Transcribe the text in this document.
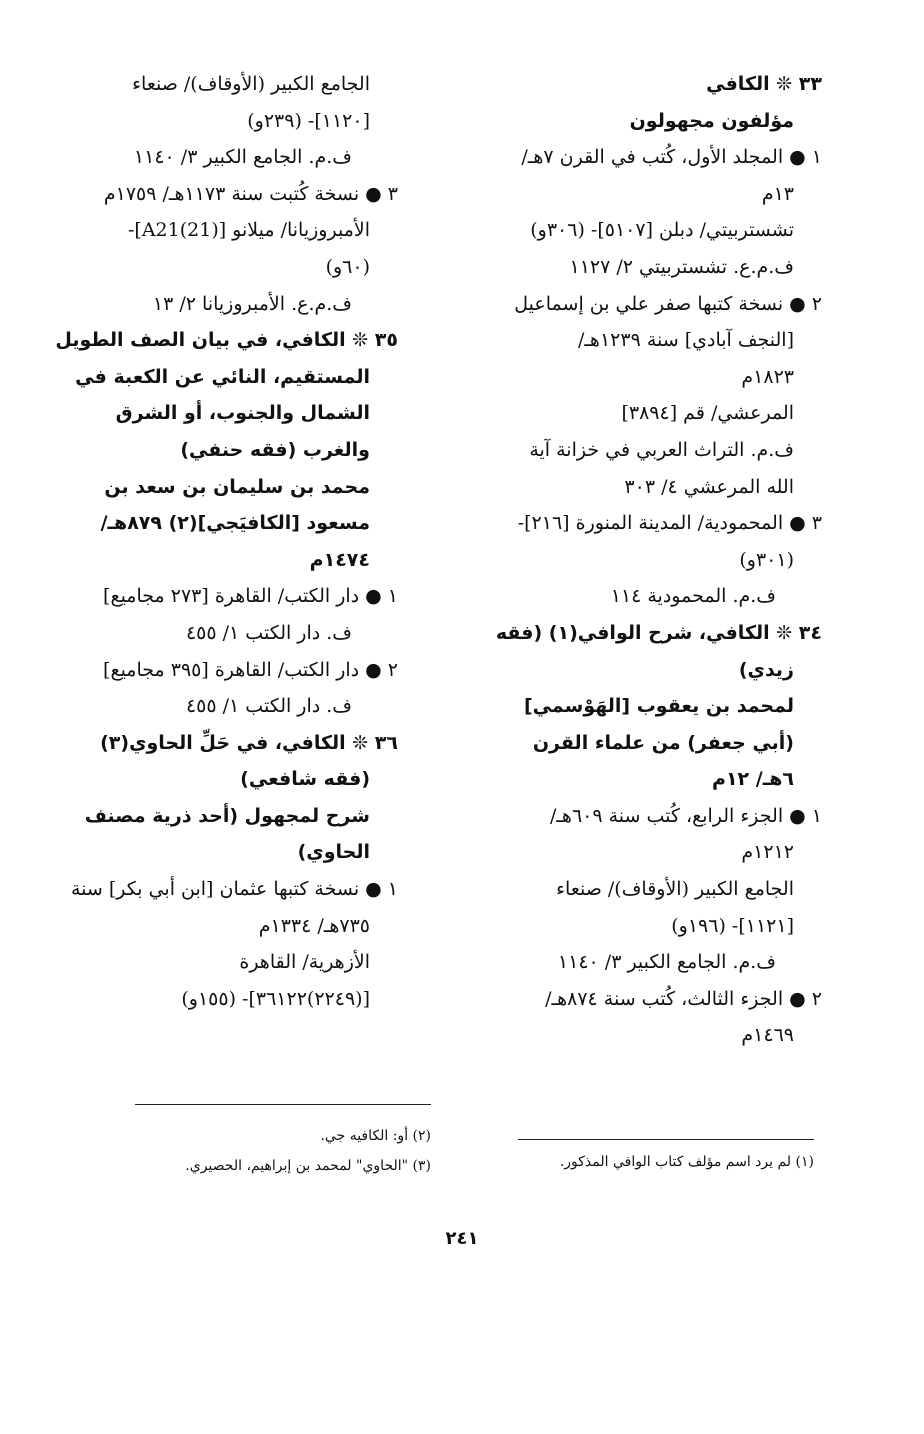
٣٣ ❊ الكافي
مؤلفون مجهولون
١ ● المجلد الأول، كُتب في القرن ٧هـ/
١٣م
تشستربيتي/ دبلن [٥١٠٧]- (٣٠٦و)
ف.م.ع. تشستربيتي ٢/ ١١٢٧
٢ ● نسخة كتبها صفر علي بن إسماعيل
[النجف آبادي] سنة ١٢٣٩هـ/
١٨٢٣م
المرعشي/ قم [٣٨٩٤]
ف.م. التراث العربي في خزانة آية
الله المرعشي ٤/ ٣٠٣
٣ ● المحمودية/ المدينة المنورة [٢١٦]-
(٣٠١و)
ف.م. المحمودية ١١٤
٣٤ ❊ الكافي، شرح الوافي(١) (فقه
زيدي)
لمحمد بن يعقوب [الهَوْسمي]
(أبي جعفر) من علماء القرن
٦هـ/ ١٢م
١ ● الجزء الرابع، كُتب سنة ٦٠٩هـ/
١٢١٢م
الجامع الكبير (الأوقاف)/ صنعاء
[١١٢١]- (١٩٦و)
ف.م. الجامع الكبير ٣/ ١١٤٠
٢ ● الجزء الثالث، كُتب سنة ٨٧٤هـ/
١٤٦٩م
الجامع الكبير (الأوقاف)/ صنعاء
[١١٢٠]- (٢٣٩و)
ف.م. الجامع الكبير ٣/ ١١٤٠
٣ ● نسخة كُتبت سنة ١١٧٣هـ/ ١٧٥٩م
الأمبروزيانا/ ميلانو [A21(21)]-
(٦٠و)
ف.م.ع. الأمبروزيانا ٢/ ١٣
٣٥ ❊ الكافي، في بيان الصف الطويل
المستقيم، النائي عن الكعبة في
الشمال والجنوب، أو الشرق
والغرب (فقه حنفي)
محمد بن سليمان بن سعد بن
مسعود [الكافيَجي](٢) ٨٧٩هـ/
١٤٧٤م
١ ● دار الكتب/ القاهرة [٢٧٣ مجاميع]
ف. دار الكتب ١/ ٤٥٥
٢ ● دار الكتب/ القاهرة [٣٩٥ مجاميع]
ف. دار الكتب ١/ ٤٥٥
٣٦ ❊ الكافي، في حَلِّ الحاوي(٣)
(فقه شافعي)
شرح لمجهول (أحد ذرية مصنف
الحاوي)
١ ● نسخة كتبها عثمان [ابن أبي بكر] سنة
٧٣٥هـ/ ١٣٣٤م
الأزهرية/ القاهرة
[(٢٢٤٩)٣٦١٢٢]- (١٥٥و)
(١) لم يرد اسم مؤلف كتاب الوافي المذكور.
(٢) أو: الكافيه جي.
(٣) "الحاوي" لمحمد بن إبراهيم، الحصيري.
٢٤١
